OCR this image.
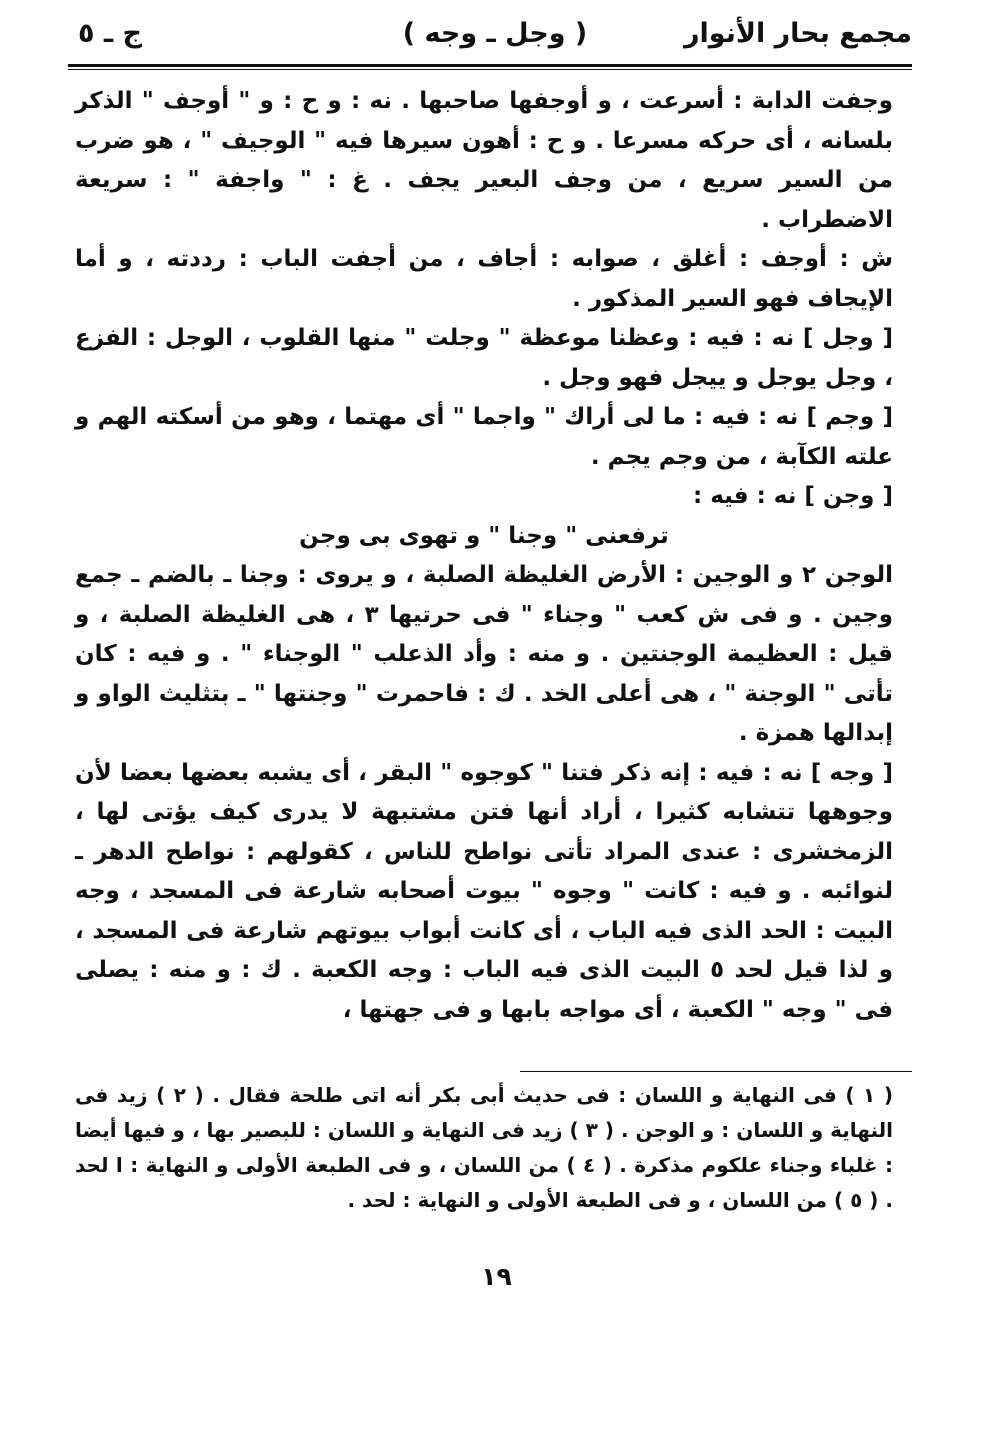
مجمع بحار الأنوار
( وجل ـ وجه )
ج ـ ٥

وجفت الدابة : أسرعت ، و أوجفها صاحبها . نه : و ح : و " أوجف " الذكر بلسانه ، أى حركه مسرعا . و ح : أهون سيرها فيه " الوجيف " ، هو ضرب من السير سريع ، من وجف البعير يجف . غ : " واجفة " : سريعة الاضطراب .

ش : أوجف : أغلق ، صوابه : أجاف ، من أجفت الباب : رددته ، و أما الإيجاف فهو السير المذكور .

[ وجل ] نه : فيه : وعظنا موعظة " وجلت " منها القلوب ، الوجل : الفزع ، وجل يوجل و ييجل فهو وجل .

[ وجم ] نه : فيه : ما لى أراك " واجما " أى مهتما ، وهو من أسكته الهم و علته الكآبة ، من وجم يجم .

[ وجن ] نه : فيه :

ترفعنى " وجنا " و تهوى بى وجن

الوجن ٢ و الوجين : الأرض الغليظة الصلبة ، و يروى : وجنا ـ بالضم ـ جمع وجين . و فى ش كعب " وجناء " فى حرتيها ٣ ، هى الغليظة الصلبة ، و قيل : العظيمة الوجنتين . و منه : وأد الذعلب " الوجناء " . و فيه : كان تأتى " الوجنة " ، هى أعلى الخد . ك : فاحمرت " وجنتها " ـ بتثليث الواو و إبدالها همزة .

[ وجه ] نه : فيه : إنه ذكر فتنا " كوجوه " البقر ، أى يشبه بعضها بعضا لأن وجوهها تتشابه كثيرا ، أراد أنها فتن مشتبهة لا يدرى كيف يؤتى لها ، الزمخشرى : عندى المراد تأتى نواطح للناس ، كقولهم : نواطح الدهر ـ لنوائبه . و فيه : كانت " وجوه " بيوت أصحابه شارعة فى المسجد ، وجه البيت : الحد الذى فيه الباب ، أى كانت أبواب بيوتهم شارعة فى المسجد ، و لذا قيل لحد ٥ البيت الذى فيه الباب : وجه الكعبة . ك : و منه : يصلى فى " وجه " الكعبة ، أى مواجه بابها و فى جهتها ،

( ١ ) فى النهاية و اللسان : فى حديث أبى بكر أنه اتى طلحة فقال . ( ٢ ) زيد فى النهاية و اللسان : و الوجن . ( ٣ ) زيد فى النهاية و اللسان : للبصير بها ، و فيها أيضا : غلباء وجناء علكوم مذكرة . ( ٤ ) من اللسان ، و فى الطبعة الأولى و النهاية : ا لحد . ( ٥ ) من اللسان ، و فى الطبعة الأولى و النهاية : لحد .

١٩
